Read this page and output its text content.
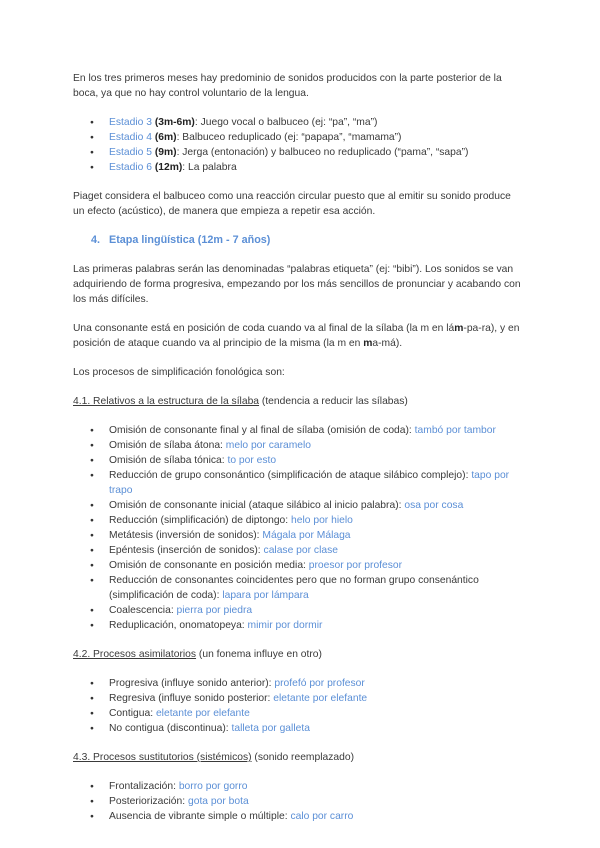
En los tres primeros meses hay predominio de sonidos producidos con la parte posterior de la boca, ya que no hay control voluntario de la lengua.

● Estadio 3 (3m-6m): Juego vocal o balbuceo (ej: “pa”, “ma”)
● Estadio 4 (6m): Balbuceo reduplicado (ej: “papapa”, “mamama”)
● Estadio 5 (9m): Jerga (entonación) y balbuceo no reduplicado (“pama”, “sapa”)
● Estadio 6 (12m): La palabra

Piaget considera el balbuceo como una reacción circular puesto que al emitir su sonido produce un efecto (acústico), de manera que empieza a repetir esa acción.

4. Etapa lingüística (12m - 7 años)

Las primeras palabras serán las denominadas “palabras etiqueta” (ej: “bibi”). Los sonidos se van adquiriendo de forma progresiva, empezando por los más sencillos de pronunciar y acabando con los más difíciles.

Una consonante está en posición de coda cuando va al final de la sílaba (la m en lám-pa-ra), y en posición de ataque cuando va al principio de la misma (la m en ma-má).

Los procesos de simplificación fonológica son:

4.1. Relativos a la estructura de la sílaba (tendencia a reducir las sílabas)

● Omisión de consonante final y al final de sílaba (omisión de coda): tambó por tambor
● Omisión de sílaba átona: melo por caramelo
● Omisión de sílaba tónica: to por esto
● Reducción de grupo consonántico (simplificación de ataque silábico complejo): tapo por trapo
● Omisión de consonante inicial (ataque silábico al inicio palabra): osa por cosa
● Reducción (simplificación) de diptongo: helo por hielo
● Metátesis (inversión de sonidos): Mágala por Málaga
● Epéntesis (inserción de sonidos): calase por clase
● Omisión de consonante en posición media: proesor por profesor
● Reducción de consonantes coincidentes pero que no forman grupo consenántico (simplificación de coda): lapara por lámpara
● Coalescencia: pierra por piedra
● Reduplicación, onomatopeya: mimir por dormir

4.2. Procesos asimilatorios (un fonema influye en otro)

● Progresiva (influye sonido anterior): profefó por profesor
● Regresiva (influye sonido posterior: eletante por elefante
● Contigua: eletante por elefante
● No contigua (discontinua): talleta por galleta

4.3. Procesos sustitutorios (sistémicos) (sonido reemplazado)

● Frontalización: borro por gorro
● Posteriorización: gota por bota
● Ausencia de vibrante simple o múltiple: calo por carro
